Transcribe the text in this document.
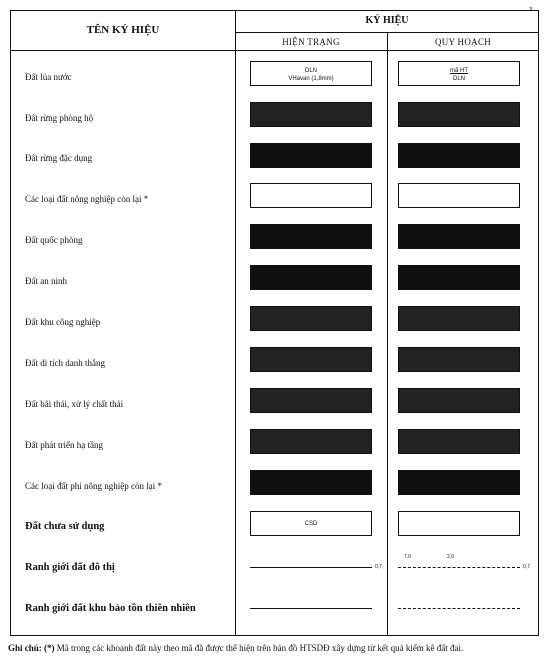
x
TÊN KÝ HIỆU
KÝ HIỆU
HIỆN TRẠNG	QUY HOẠCH
Đất lúa nước
Đất rừng phòng hộ
Đất rừng đặc dụng
Các loại đất nông nghiệp còn lại *
Đất quốc phòng
Đất an ninh
Đất khu công nghiệp
Đất di tích danh thắng
Đất bãi thải, xử lý chất thải
Đất phát triển hạ tầng
Các loại đất phi nông nghiệp còn lại *
Đất chưa sử dụng
Ranh giới đất đô thị
Ranh giới đất khu bảo tồn thiên nhiên
DLN
VHavan (1,8mm)
CSD
0,7
mã HT
DLN
7,0	2,0
0,7
Ghi chú: (*) Mã trong các khoanh đất này theo mã đã được thể hiện trên bản đồ HTSDĐ xây dựng từ kết quả kiểm kê đất đai.
